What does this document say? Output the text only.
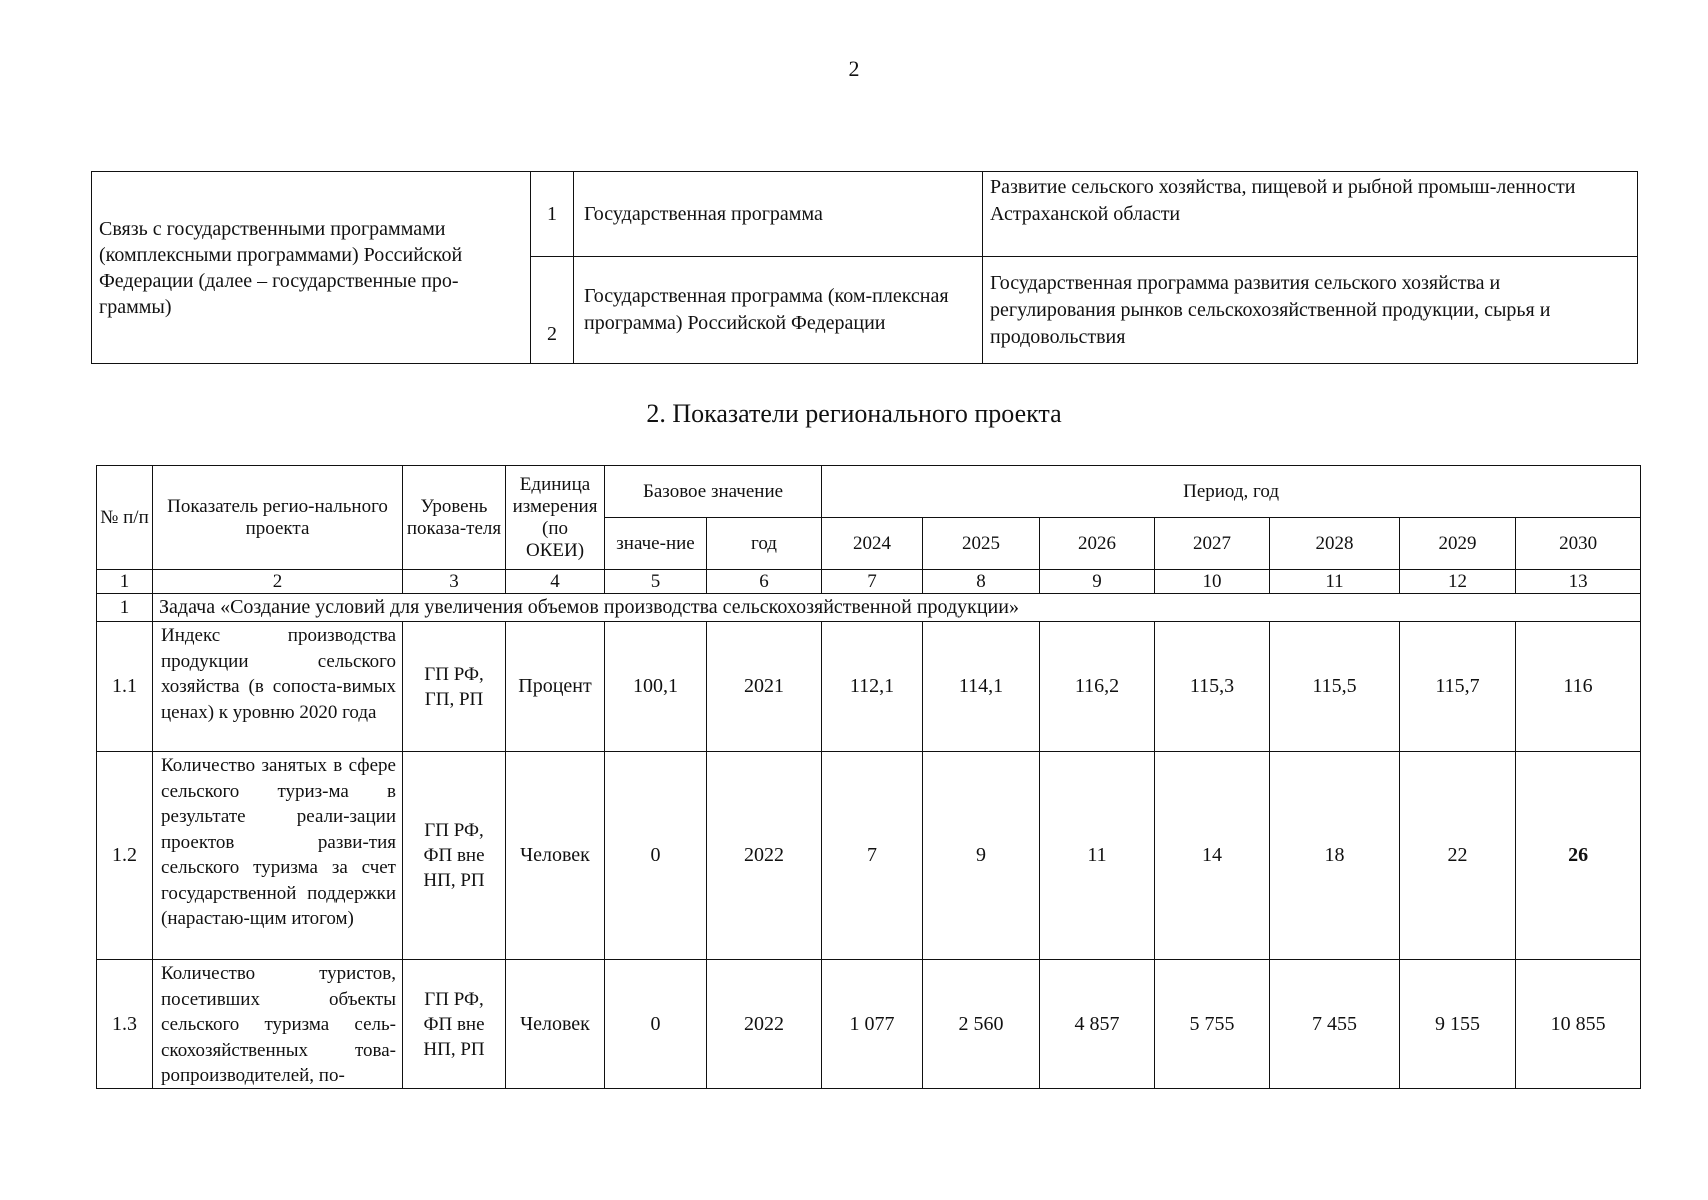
2
Связь с государственными программами (комплексными программами) Российской Федерации (далее – государственные про-граммы)	1	Государственная программа	Развитие сельского хозяйства, пищевой и рыбной промыш-ленности Астраханской области
	2	Государственная программа (ком-плексная программа) Российской Федерации	Государственная программа развития сельского хозяйства и регулирования рынков сельскохозяйственной продукции, сырья и продовольствия
2. Показатели регионального проекта
№ п/п	Показатель регио-нального проекта	Уровень показа-теля	Единица
измерения
(по
ОКЕИ)	Базовое значение		Период, год						
				значе-ние	год	2024	2025	2026	2027	2028	2029	2030
1	2	3	4	5	6	7	8	9	10	11	12	13
1	Задача «Создание условий для увеличения объемов производства сельскохозяйственной продукции»											
1.1	Индекс производства продукции сельского хозяйства (в сопоста-вимых ценах) к уровню 2020 года	ГП РФ,
ГП, РП	Процент	100,1	2021	112,1	114,1	116,2	115,3	115,5	115,7	116
1.2	Количество занятых в сфере сельского туриз-ма в результате реали-зации проектов разви-тия сельского туризма за счет государственной поддержки (нарастаю-щим итогом)	ГП РФ,
ФП вне
НП, РП	Человек	0	2022	7	9	11	14	18	22	26
1.3	Количество туристов, посетивших объекты сельского туризма сель-скохозяйственных това-ропроизводителей, по-	ГП РФ,
ФП вне
НП, РП	Человек	0	2022	1 077	2 560	4 857	5 755	7 455	9 155	10 855
